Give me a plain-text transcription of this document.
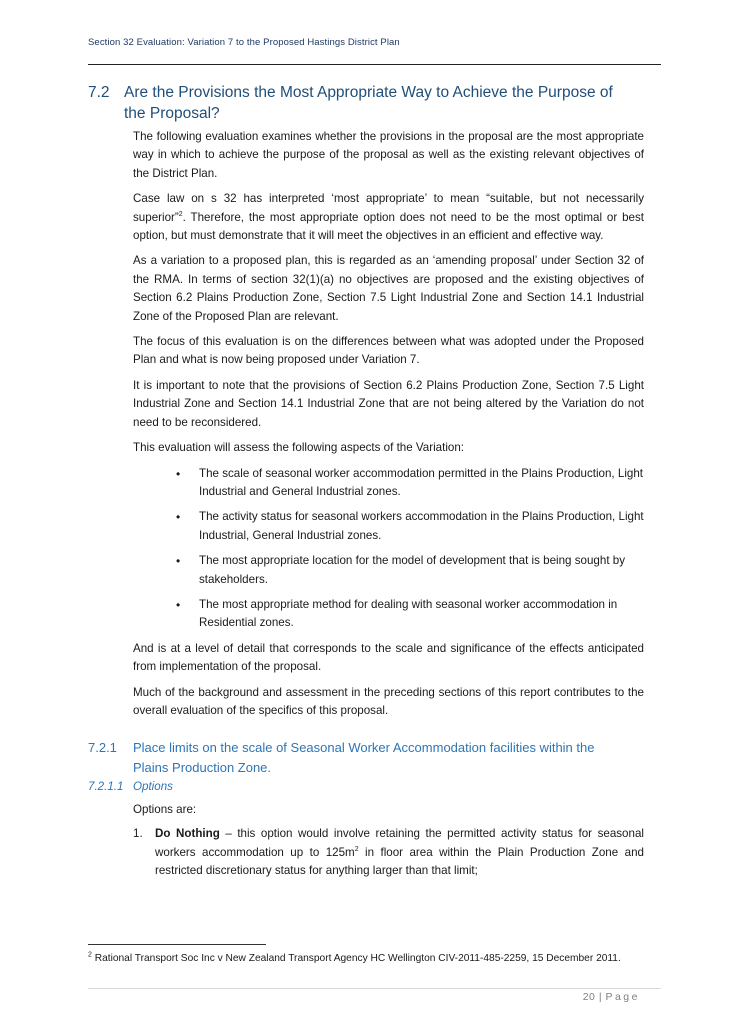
Section 32 Evaluation: Variation 7 to the Proposed Hastings District Plan
7.2 Are the Provisions the Most Appropriate Way to Achieve the Purpose of
the Proposal?

The following evaluation examines whether the provisions in the proposal are the most appropriate way in which to achieve the purpose of the proposal as well as the existing relevant objectives of the District Plan.

Case law on s 32 has interpreted ‘most appropriate’ to mean “suitable, but not necessarily superior”$^2$. Therefore, the most appropriate option does not need to be the most optimal or best option, but must demonstrate that it will meet the objectives in an efficient and effective way.

As a variation to a proposed plan, this is regarded as an ‘amending proposal’ under Section 32 of the RMA. In terms of section 32(1)(a) no objectives are proposed and the existing objectives of Section 6.2 Plains Production Zone, Section 7.5 Light Industrial Zone and Section 14.1 Industrial Zone of the Proposed Plan are relevant.

The focus of this evaluation is on the differences between what was adopted under the Proposed Plan and what is now being proposed under Variation 7.

It is important to note that the provisions of Section 6.2 Plains Production Zone, Section 7.5 Light Industrial Zone and Section 14.1 Industrial Zone that are not being altered by the Variation do not need to be reconsidered.

This evaluation will assess the following aspects of the Variation:

• The scale of seasonal worker accommodation permitted in the Plains Production, Light Industrial and General Industrial zones.
• The activity status for seasonal workers accommodation in the Plains Production, Light Industrial, General Industrial zones.
• The most appropriate location for the model of development that is being sought by stakeholders.
• The most appropriate method for dealing with seasonal worker accommodation in Residential zones.

And is at a level of detail that corresponds to the scale and significance of the effects anticipated from implementation of the proposal.

Much of the background and assessment in the preceding sections of this report contributes to the overall evaluation of the specifics of this proposal.

7.2.1 Place limits on the scale of Seasonal Worker Accommodation facilities within the
Plains Production Zone.
7.2.1.1 Options

Options are:

1. Do Nothing – this option would involve retaining the permitted activity status for seasonal workers accommodation up to $125m^2$ in floor area within the Plain Production Zone and restricted discretionary status for anything larger than that limit;
$^2$ Rational Transport Soc Inc v New Zealand Transport Agency HC Wellington CIV-2011-485-2259, 15 December 2011.
20 | Page
